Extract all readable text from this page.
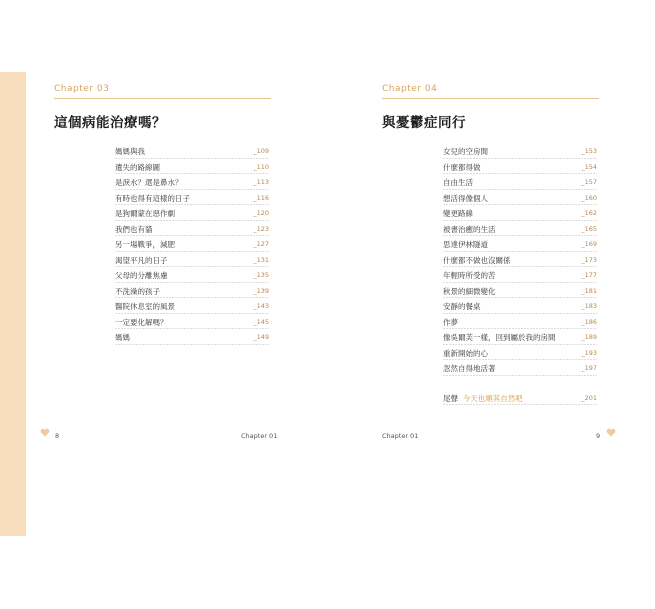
Chapter 03
這個病能治療嗎？
媽媽與我	_109
遺失的路線圖	_110
是淚水？還是鼻水？	_113
有時也得有這樣的日子	_116
是狗爾蒙在惡作劇	_120
我們也有貓	_123
另一場戰爭，減肥	_127
渴望平凡的日子	_131
父母的分離焦慮	_135
不洗澡的孩子	_139
醫院休息室的風景	_143
一定要化解嗎？	_145
媽媽	_149
8	Chapter 01
Chapter 04
與憂鬱症同行
女兒的空房間	_153
什麼都得做	_154
自由生活	_157
想活得像個人	_160
變更路線	_162
被書治癒的生活	_165
思達伊林隧道	_169
什麼都不做也沒關係	_173
年輕時所受的苦	_177
秋景的細微變化	_181
安靜的餐桌	_183
作夢	_186
像吳爾芙一樣，回到屬於我的房間	_189
重新開始的心	_193
忽然自得地活著	_197
尾聲 今天也順其自然吧	_201
Chapter 01	9
